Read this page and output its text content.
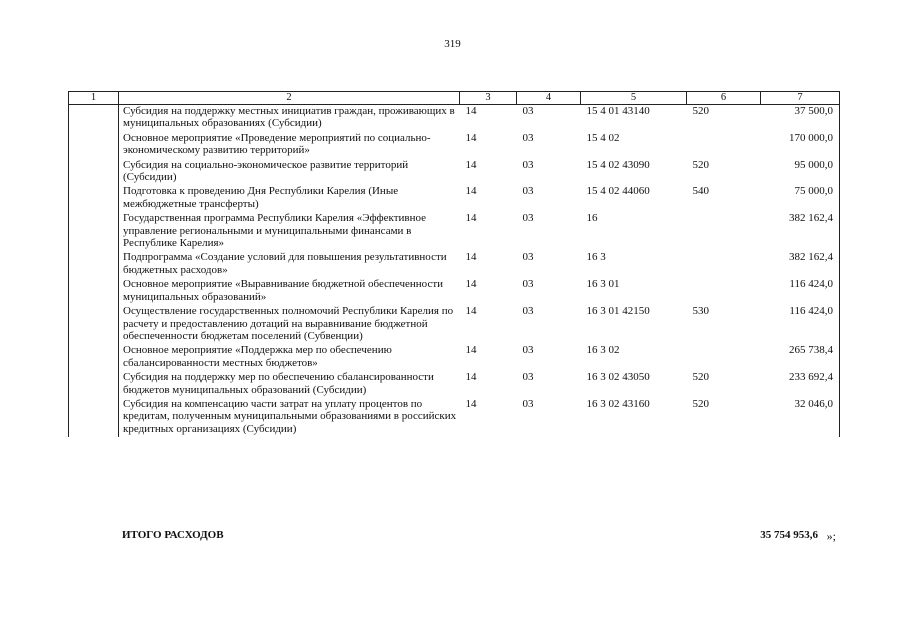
319
1	2	3	4	5	6	7
	Субсидия на поддержку местных инициатив граждан, проживающих в муниципальных образованиях (Субсидии)	14	03	15 4 01 43140	520	37 500,0
	Основное мероприятие «Проведение мероприятий по социально-экономическому развитию территорий»	14	03	15 4 02		170 000,0
	Субсидия на социально-экономическое развитие территорий (Субсидии)	14	03	15 4 02 43090	520	95 000,0
	Подготовка к проведению Дня Республики Карелия (Иные межбюджетные трансферты)	14	03	15 4 02 44060	540	75 000,0
	Государственная программа Республики Карелия «Эффективное управление региональными и муниципальными финансами в Республике Карелия»	14	03	16		382 162,4
	Подпрограмма «Создание условий для повышения результативности бюджетных расходов»	14	03	16 3		382 162,4
	Основное мероприятие «Выравнивание бюджетной обеспеченности муниципальных образований»	14	03	16 3 01		116 424,0
	Осуществление государственных полномочий Республики Карелия по расчету и предоставлению дотаций на выравнивание бюджетной обеспеченности бюджетам поселений (Субвенции)	14	03	16 3 01 42150	530	116 424,0
	Основное мероприятие «Поддержка мер по обеспечению сбалансированности местных бюджетов»	14	03	16 3 02		265 738,4
	Субсидия на поддержку мер по обеспечению сбалансированности бюджетов муниципальных образований (Субсидии)	14	03	16 3 02 43050	520	233 692,4
	Субсидия на компенсацию части затрат на уплату процентов по кредитам, полученным муниципальными образованиями в российских кредитных организациях (Субсидии)	14	03	16 3 02 43160	520	32 046,0
ИТОГО РАСХОДОВ	35 754 953,6 »;
